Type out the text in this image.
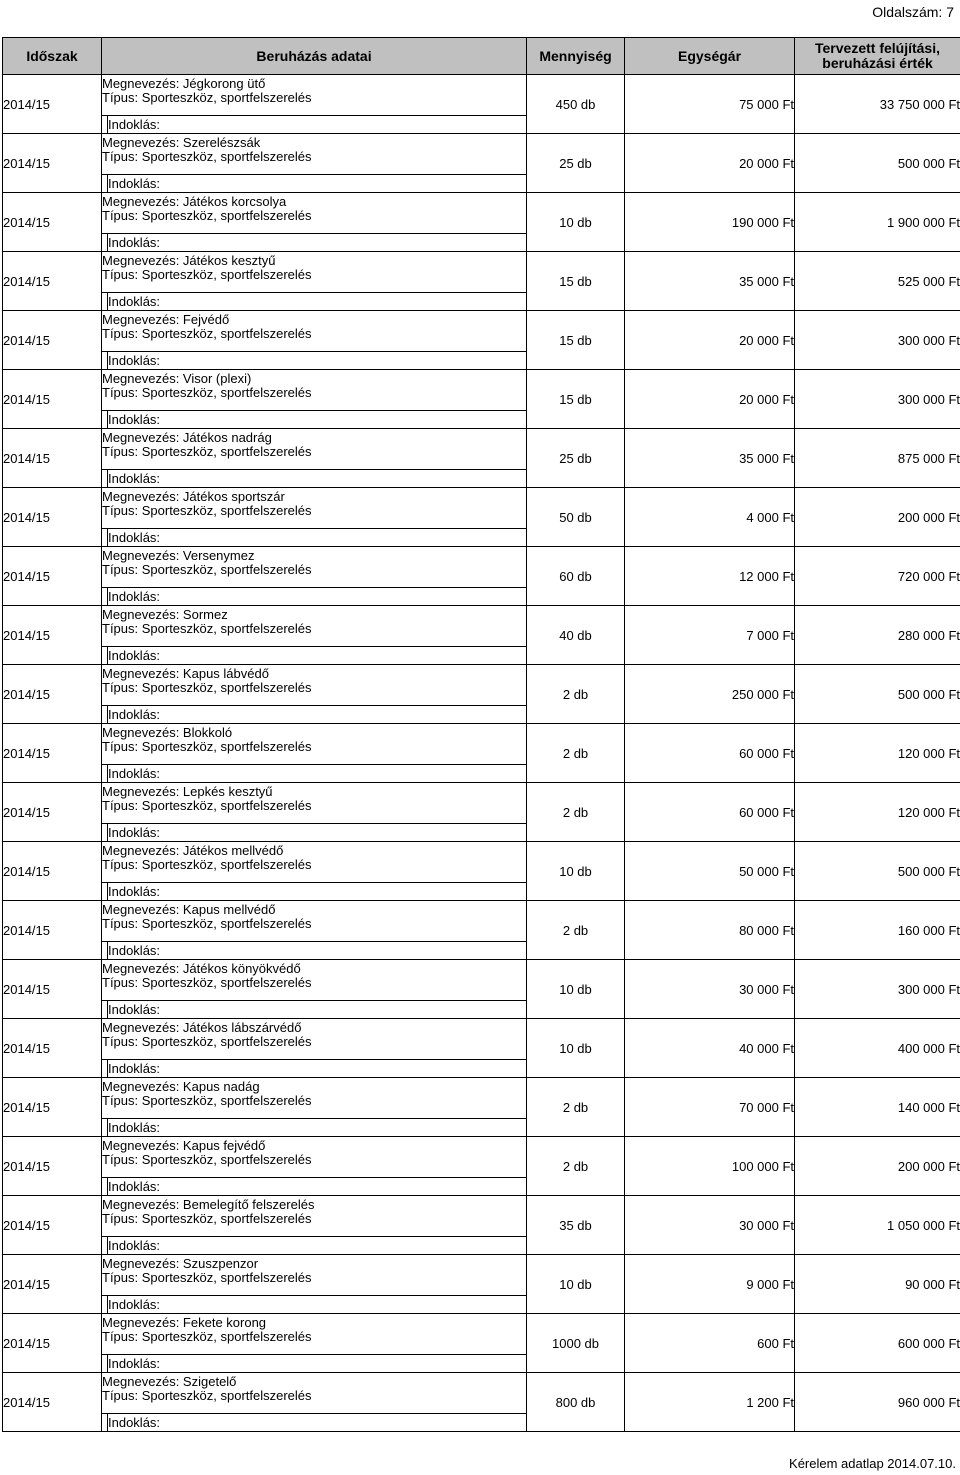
Oldalszám: 7
Időszak	Beruházás adatai		Mennyiség	Egységár	Tervezett felújítási,
beruházási érték
2014/15	Megnevezés: Jégkorong ütő
Típus: Sporteszköz, sportfelszerelés		450 db	75 000 Ft	33 750 000 Ft
		Indoklás:			
2014/15	Megnevezés: Szerelészsák
Típus: Sporteszköz, sportfelszerelés		25 db	20 000 Ft	500 000 Ft
		Indoklás:			
2014/15	Megnevezés: Játékos korcsolya
Típus: Sporteszköz, sportfelszerelés		10 db	190 000 Ft	1 900 000 Ft
		Indoklás:			
2014/15	Megnevezés: Játékos kesztyű
Típus: Sporteszköz, sportfelszerelés		15 db	35 000 Ft	525 000 Ft
		Indoklás:			
2014/15	Megnevezés: Fejvédő
Típus: Sporteszköz, sportfelszerelés		15 db	20 000 Ft	300 000 Ft
		Indoklás:			
2014/15	Megnevezés: Visor (plexi)
Típus: Sporteszköz, sportfelszerelés		15 db	20 000 Ft	300 000 Ft
		Indoklás:			
2014/15	Megnevezés: Játékos nadrág
Típus: Sporteszköz, sportfelszerelés		25 db	35 000 Ft	875 000 Ft
		Indoklás:			
2014/15	Megnevezés: Játékos sportszár
Típus: Sporteszköz, sportfelszerelés		50 db	4 000 Ft	200 000 Ft
		Indoklás:			
2014/15	Megnevezés: Versenymez
Típus: Sporteszköz, sportfelszerelés		60 db	12 000 Ft	720 000 Ft
		Indoklás:			
2014/15	Megnevezés: Sormez
Típus: Sporteszköz, sportfelszerelés		40 db	7 000 Ft	280 000 Ft
		Indoklás:			
2014/15	Megnevezés: Kapus lábvédő
Típus: Sporteszköz, sportfelszerelés		2 db	250 000 Ft	500 000 Ft
		Indoklás:			
2014/15	Megnevezés: Blokkoló
Típus: Sporteszköz, sportfelszerelés		2 db	60 000 Ft	120 000 Ft
		Indoklás:			
2014/15	Megnevezés: Lepkés kesztyű
Típus: Sporteszköz, sportfelszerelés		2 db	60 000 Ft	120 000 Ft
		Indoklás:			
2014/15	Megnevezés: Játékos mellvédő
Típus: Sporteszköz, sportfelszerelés		10 db	50 000 Ft	500 000 Ft
		Indoklás:			
2014/15	Megnevezés: Kapus mellvédő
Típus: Sporteszköz, sportfelszerelés		2 db	80 000 Ft	160 000 Ft
		Indoklás:			
2014/15	Megnevezés: Játékos könyökvédő
Típus: Sporteszköz, sportfelszerelés		10 db	30 000 Ft	300 000 Ft
		Indoklás:			
2014/15	Megnevezés: Játékos lábszárvédő
Típus: Sporteszköz, sportfelszerelés		10 db	40 000 Ft	400 000 Ft
		Indoklás:			
2014/15	Megnevezés: Kapus nadág
Típus: Sporteszköz, sportfelszerelés		2 db	70 000 Ft	140 000 Ft
		Indoklás:			
2014/15	Megnevezés: Kapus fejvédő
Típus: Sporteszköz, sportfelszerelés		2 db	100 000 Ft	200 000 Ft
		Indoklás:			
2014/15	Megnevezés: Bemelegítő felszerelés
Típus: Sporteszköz, sportfelszerelés		35 db	30 000 Ft	1 050 000 Ft
		Indoklás:			
2014/15	Megnevezés: Szuszpenzor
Típus: Sporteszköz, sportfelszerelés		10 db	9 000 Ft	90 000 Ft
		Indoklás:			
2014/15	Megnevezés: Fekete korong
Típus: Sporteszköz, sportfelszerelés		1000 db	600 Ft	600 000 Ft
		Indoklás:			
2014/15	Megnevezés: Szigetelő
Típus: Sporteszköz, sportfelszerelés		800 db	1 200 Ft	960 000 Ft
		Indoklás:			
Kérelem adatlap 2014.07.10.
